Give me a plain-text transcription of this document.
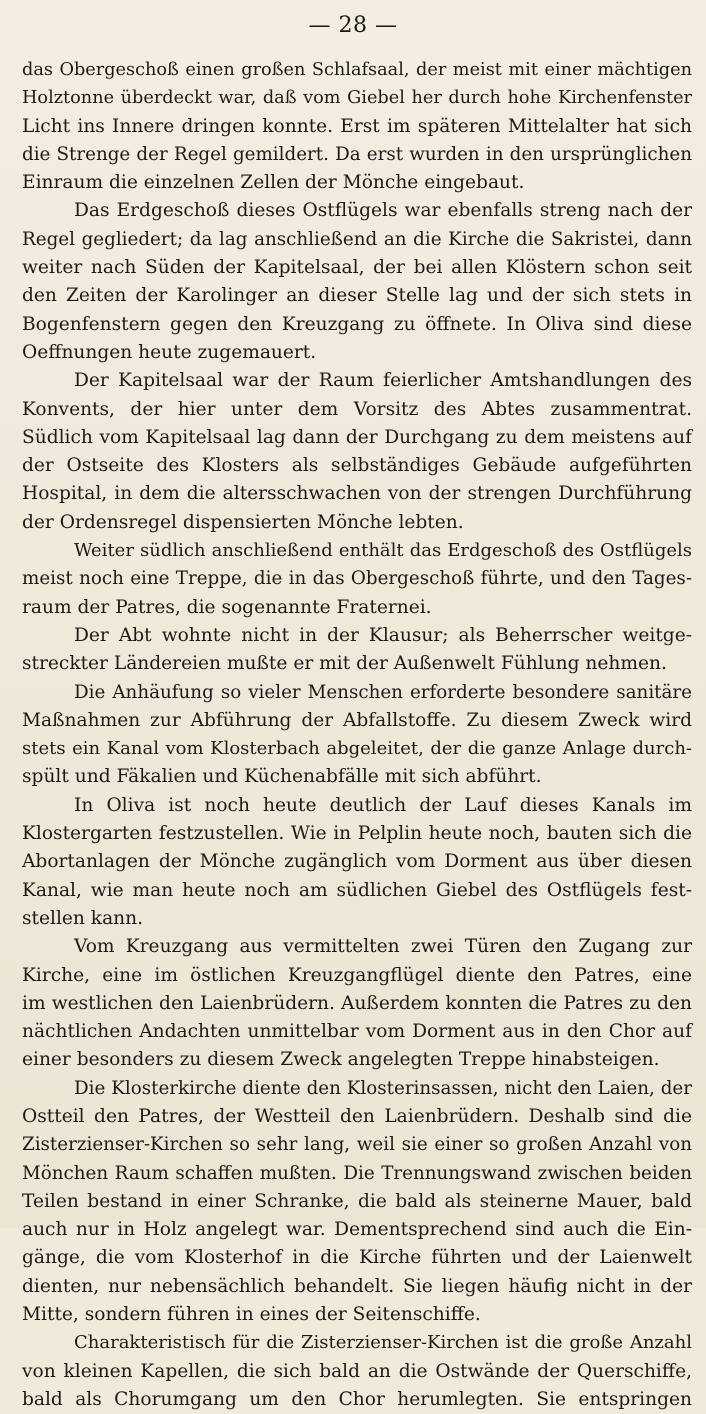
— 28 —
das Obergeschoß einen großen Schlafsaal, der meist mit einer mächtigen
Holztonne überdeckt war, daß vom Giebel her durch hohe Kirchenfenster
Licht ins Innere dringen konnte. Erst im späteren Mittelalter hat sich
die Strenge der Regel gemildert. Da erst wurden in den ursprünglichen
Einraum die einzelnen Zellen der Mönche eingebaut.
Das Erdgeschoß dieses Ostflügels war ebenfalls streng nach der
Regel gegliedert; da lag anschließend an die Kirche die Sakristei, dann
weiter nach Süden der Kapitelsaal, der bei allen Klöstern schon seit
den Zeiten der Karolinger an dieser Stelle lag und der sich stets in
Bogenfenstern gegen den Kreuzgang zu öffnete. In Oliva sind diese
Oeffnungen heute zugemauert.
Der Kapitelsaal war der Raum feierlicher Amtshandlungen des
Konvents, der hier unter dem Vorsitz des Abtes zusammentrat.
Südlich vom Kapitelsaal lag dann der Durchgang zu dem meistens auf
der Ostseite des Klosters als selbständiges Gebäude aufgeführten
Hospital, in dem die altersschwachen von der strengen Durchführung
der Ordensregel dispensierten Mönche lebten.
Weiter südlich anschließend enthält das Erdgeschoß des Ostflügels
meist noch eine Treppe, die in das Obergeschoß führte, und den Tages-
raum der Patres, die sogenannte Fraternei.
Der Abt wohnte nicht in der Klausur; als Beherrscher weitge-
streckter Ländereien mußte er mit der Außenwelt Fühlung nehmen.
Die Anhäufung so vieler Menschen erforderte besondere sanitäre
Maßnahmen zur Abführung der Abfallstoffe. Zu diesem Zweck wird
stets ein Kanal vom Klosterbach abgeleitet, der die ganze Anlage durch-
spült und Fäkalien und Küchenabfälle mit sich abführt.
In Oliva ist noch heute deutlich der Lauf dieses Kanals im
Klostergarten festzustellen. Wie in Pelplin heute noch, bauten sich die
Abortanlagen der Mönche zugänglich vom Dorment aus über diesen
Kanal, wie man heute noch am südlichen Giebel des Ostflügels fest-
stellen kann.
Vom Kreuzgang aus vermittelten zwei Türen den Zugang zur
Kirche, eine im östlichen Kreuzgangflügel diente den Patres, eine
im westlichen den Laienbrüdern. Außerdem konnten die Patres zu den
nächtlichen Andachten unmittelbar vom Dorment aus in den Chor auf
einer besonders zu diesem Zweck angelegten Treppe hinabsteigen.
Die Klosterkirche diente den Klosterinsassen, nicht den Laien, der
Ostteil den Patres, der Westteil den Laienbrüdern. Deshalb sind die
Zisterzienser-Kirchen so sehr lang, weil sie einer so großen Anzahl von
Mönchen Raum schaffen mußten. Die Trennungswand zwischen beiden
Teilen bestand in einer Schranke, die bald als steinerne Mauer, bald
auch nur in Holz angelegt war. Dementsprechend sind auch die Ein-
gänge, die vom Klosterhof in die Kirche führten und der Laienwelt
dienten, nur nebensächlich behandelt. Sie liegen häufig nicht in der
Mitte, sondern führen in eines der Seitenschiffe.
Charakteristisch für die Zisterzienser-Kirchen ist die große Anzahl
von kleinen Kapellen, die sich bald an die Ostwände der Querschiffe,
bald als Chorumgang um den Chor herumlegten. Sie entspringen
